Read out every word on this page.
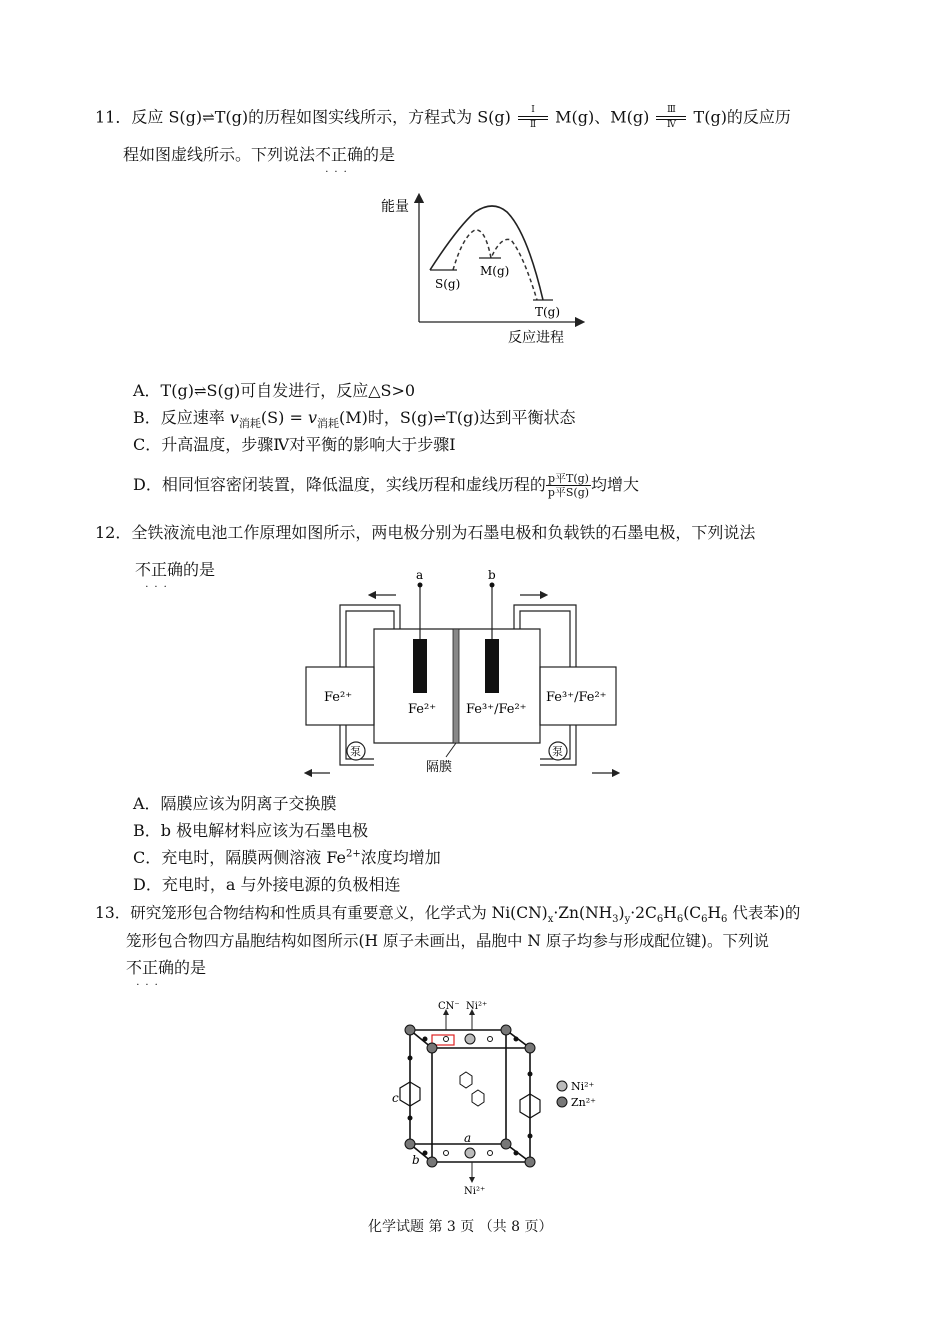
11．反应 S(g)⇌T(g)的历程如图实线所示，方程式为 S(g)	Ⅰ
Ⅱ	M(g)、M(g)	Ⅲ
Ⅳ	T(g)的反应历
程如图虚线所示。下列说法不正确
···
的是
能量
反应进程
S(g)
M(g)
T(g)
A．T(g)⇌S(g)可自发进行，反应△S>0
B．反应速率 $v_{消耗}(S) = v_{消耗}(M)$时，S(g)⇌T(g)达到平衡状态
C．升高温度，步骤Ⅳ对平衡的影响大于步骤Ⅰ
D．相同恒容密闭装置，降低温度，实线历程和虚线历程的 $\frac{\text{p平T(g)}}{\text{p平S(g)}}$ 均增大
12．全铁液流电池工作原理如图所示，两电极分别为石墨电极和负载铁的石墨电极，下列说法
不正确
···
的是
Fe²⁺	Fe³⁺/Fe²⁺
a	b
Fe²⁺ Fe³⁺/Fe²⁺
泵	泵
隔膜
A．隔膜应该为阴离子交换膜
B．b 极电解材料应该为石墨电极
C．充电时，隔膜两侧溶液 $Fe^{2+}$浓度均增加
D．充电时，a 与外接电源的负极相连
13．研究笼形包合物结构和性质具有重要意义，化学式为 $Ni(CN)_x\cdot Zn(NH_3)_y\cdot 2C_6H_6(C_6H_6$ 代表苯)的
笼形包合物四方晶胞结构如图所示(H 原子未画出，晶胞中 N 原子均参与形成配位键)。下列说
不正确
···
的是
CN⁻ Ni²⁺
Ni²⁺
Ni²⁺
Zn²⁺
a
b
c
化学试题 第 3 页 （共 8 页）
